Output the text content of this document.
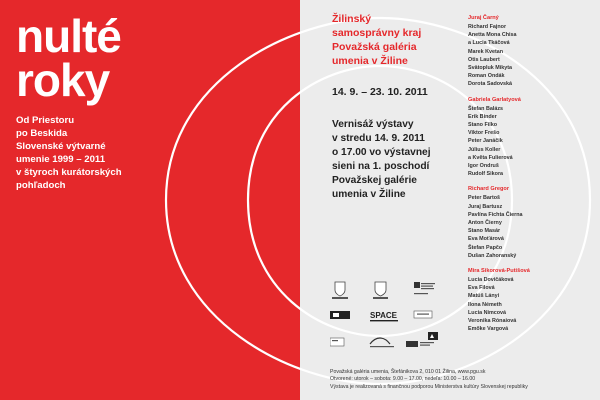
nulté
roky
Od Priestoru
po Beskida
Slovenské výtvarné
umenie 1999 – 2011
v štyroch kurátorských
pohľadoch
Žilinský
samosprávny kraj
Považská galéria
umenia v Žiline
14. 9. – 23. 10. 2011
Vernisáž výstavy
v stredu 14. 9. 2011
o 17.00 vo výstavnej
sieni na 1. poschodí
Považskej galérie
umenia v Žiline
Juraj Čarný
Richard Fajnor
Anetta Mona Chisa
a Lucia Tkáčová
Marek Kvetan
Otis Laubert
Svätopluk Mikyta
Roman Ondák
Dorota Sadovská
Gabriela Garlatyová
Štefan Balázs
Erik Binder
Stano Filko
Viktor Frešo
Peter Janáčik
Július Koller
a Květa Fulierová
Igor Ondruš
Rudolf Sikora
Richard Gregor
Peter Bartoš
Juraj Bartusz
Pavlína Fichta Čierna
Anton Čierny
Stano Masár
Eva Moťárová
Štefan Papčo
Dušan Zahoranský
Mira Sikorová-Putišová
Lucia Dovičáková
Eva Filová
Matúš Lányi
Ilona Németh
Lucia Nimcová
Veronika Rónaiová
Emőke Vargová
SPACE
Považská galéria umenia, Štefánikova 2, 010 01 Žilina, www.pgu.sk
Otvorené: utorok – sobota: 9.00 – 17.00, nedeľa: 10.00 – 16.00
Výstava je realizovaná s finančnou podporou Ministerstva kultúry Slovenskej republiky
